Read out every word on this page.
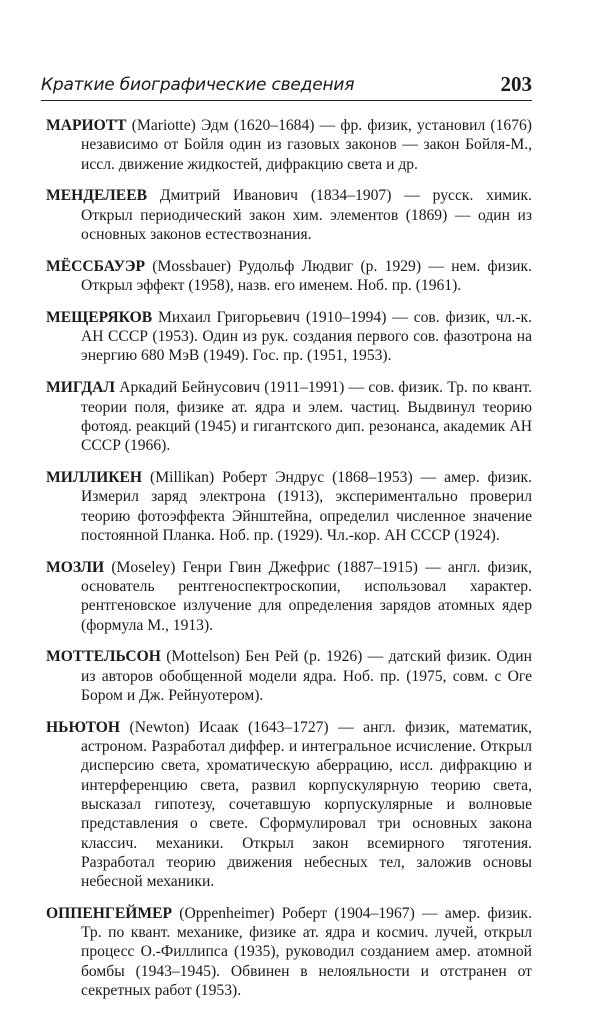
Краткие биографические сведения	203

МАРИОТТ (Mariotte) Эдм (1620–1684) — фр. физик, установил (1676) независимо от Бойля один из газовых законов — закон Бойля-М., иссл. движение жидкостей, дифракцию света и др.

МЕНДЕЛЕЕВ Дмитрий Иванович (1834–1907) — русск. химик. Открыл периодический закон хим. элементов (1869) — один из основных законов естествознания.

МЁССБАУЭР (Mossbauer) Рудольф Людвиг (р. 1929) — нем. физик. Открыл эффект (1958), назв. его именем. Ноб. пр. (1961).

МЕЩЕРЯКОВ Михаил Григорьевич (1910–1994) — сов. физик, чл.-к. АН СССР (1953). Один из рук. создания первого сов. фазотрона на энергию 680 МэВ (1949). Гос. пр. (1951, 1953).

МИГДАЛ Аркадий Бейнусович (1911–1991) — сов. физик. Тр. по квант. теории поля, физике ат. ядра и элем. частиц. Выдвинул теорию фотояд. реакций (1945) и гигантского дип. резонанса, академик АН СССР (1966).

МИЛЛИКЕН (Millikan) Роберт Эндрус (1868–1953) — амер. физик. Измерил заряд электрона (1913), экспериментально проверил теорию фотоэффекта Эйнштейна, определил численное значение постоянной Планка. Ноб. пр. (1929). Чл.-кор. АН СССР (1924).

МОЗЛИ (Moseley) Генри Гвин Джефрис (1887–1915) — англ. физик, основатель рентгеноспектроскопии, использовал характер. рентгеновское излучение для определения зарядов атомных ядер (формула М., 1913).

МОТТЕЛЬСОН (Mottelson) Бен Рей (р. 1926) — датский физик. Один из авторов обобщенной модели ядра. Ноб. пр. (1975, совм. с Оге Бором и Дж. Рейнуотером).

НЬЮТОН (Newton) Исаак (1643–1727) — англ. физик, математик, астроном. Разработал диффер. и интегральное исчисление. Открыл дисперсию света, хроматическую аберрацию, иссл. дифракцию и интерференцию света, развил корпускулярную теорию света, высказал гипотезу, сочетавшую корпускулярные и волновые представления о свете. Сформулировал три основных закона классич. механики. Открыл закон всемирного тяготения. Разработал теорию движения небесных тел, заложив основы небесной механики.

ОППЕНГЕЙМЕР (Oppenheimer) Роберт (1904–1967) — амер. физик. Тр. по квант. механике, физике ат. ядра и космич. лучей, открыл процесс О.-Филлипса (1935), руководил созданием амер. атомной бомбы (1943–1945). Обвинен в нелояльности и отстранен от секретных работ (1953).
